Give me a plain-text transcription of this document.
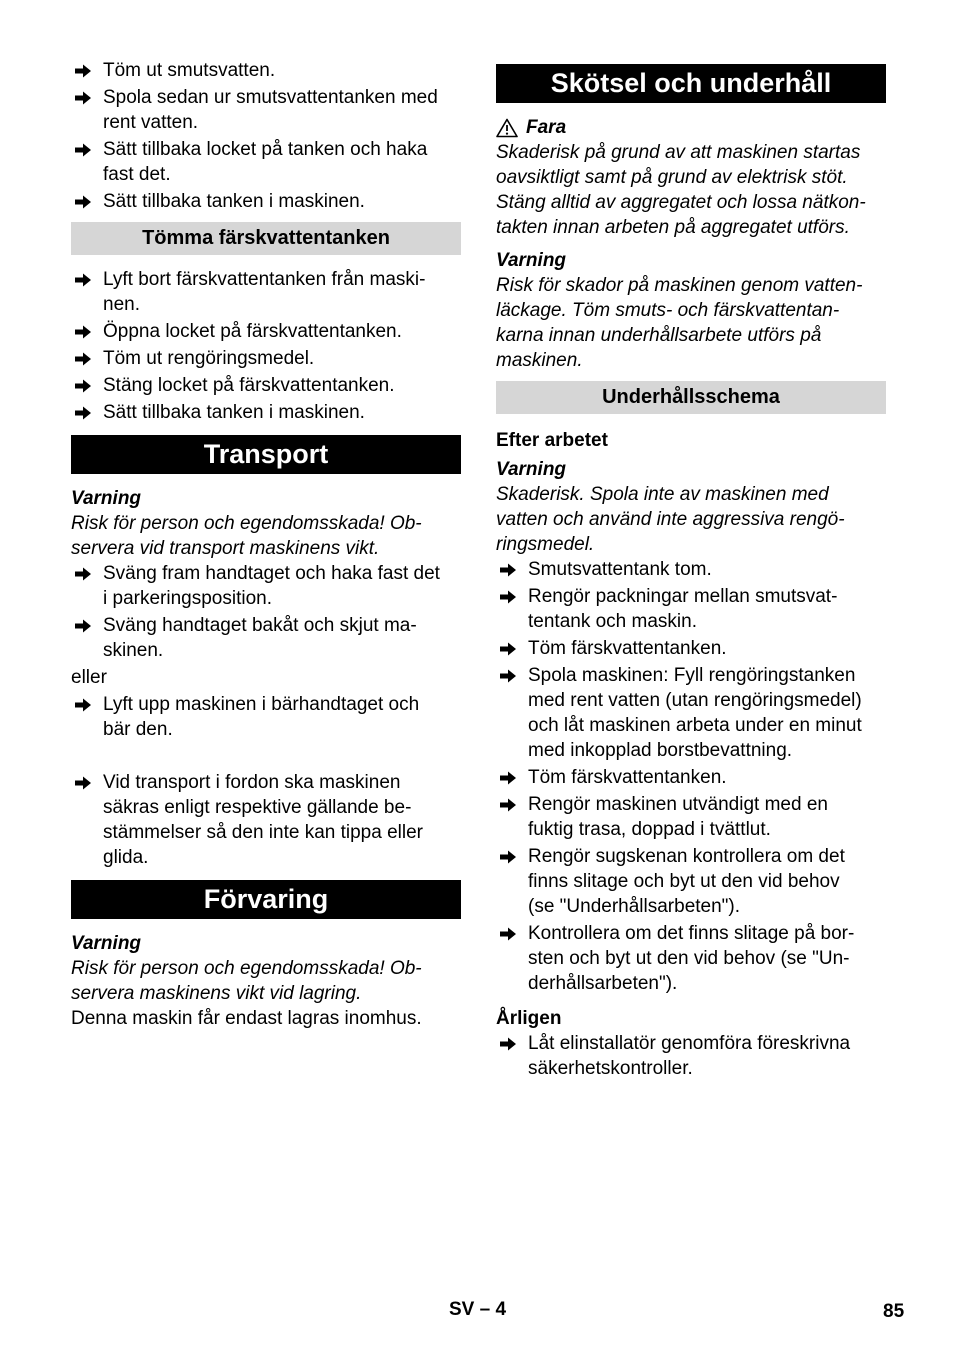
Töm ut smutsvatten.
Spola sedan ur smutsvattentanken med
rent vatten.
Sätt tillbaka locket på tanken och haka
fast det.
Sätt tillbaka tanken i maskinen.
Tömma färskvattentanken
Lyft bort färskvattentanken från maski-
nen.
Öppna locket på färskvattentanken.
Töm ut rengöringsmedel.
Stäng locket på färskvattentanken.
Sätt tillbaka tanken i maskinen.
Transport
Varning
Risk för person och egendomsskada! Ob-
servera vid transport maskinens vikt.
Sväng fram handtaget och haka fast det
i parkeringsposition.
Sväng handtaget bakåt och skjut ma-
skinen.
eller
Lyft upp maskinen i bärhandtaget och
bär den.
Vid transport i fordon ska maskinen
säkras enligt respektive gällande be-
stämmelser så den inte kan tippa eller
glida.
Förvaring
Varning
Risk för person och egendomsskada! Ob-
servera maskinens vikt vid lagring.
Denna maskin får endast lagras inomhus.
Skötsel och underhåll
Fara
Skaderisk på grund av att maskinen startas
oavsiktligt samt på grund av elektrisk stöt.
Stäng alltid av aggregatet och lossa nätkon-
takten innan arbeten på aggregatet utförs.
Varning
Risk för skador på maskinen genom vatten-
läckage. Töm smuts- och färskvattentan-
karna innan underhållsarbete utförs på
maskinen.
Underhållsschema
Efter arbetet
Varning
Skaderisk. Spola inte av maskinen med
vatten och använd inte aggressiva rengö-
ringsmedel.
Smutsvattentank tom.
Rengör packningar mellan smutsvat-
tentank och maskin.
Töm färskvattentanken.
Spola maskinen: Fyll rengöringstanken
med rent vatten (utan rengöringsmedel)
och låt maskinen arbeta under en minut
med inkopplad borstbevattning.
Töm färskvattentanken.
Rengör maskinen utvändigt med en
fuktig trasa, doppad i tvättlut.
Rengör sugskenan kontrollera om det
finns slitage och byt ut den vid behov
(se "Underhållsarbeten").
Kontrollera om det finns slitage på bor-
sten och byt ut den vid behov (se "Un-
derhållsarbeten").
Årligen
Låt elinstallatör genomföra föreskrivna
säkerhetskontroller.
SV – 4	85
